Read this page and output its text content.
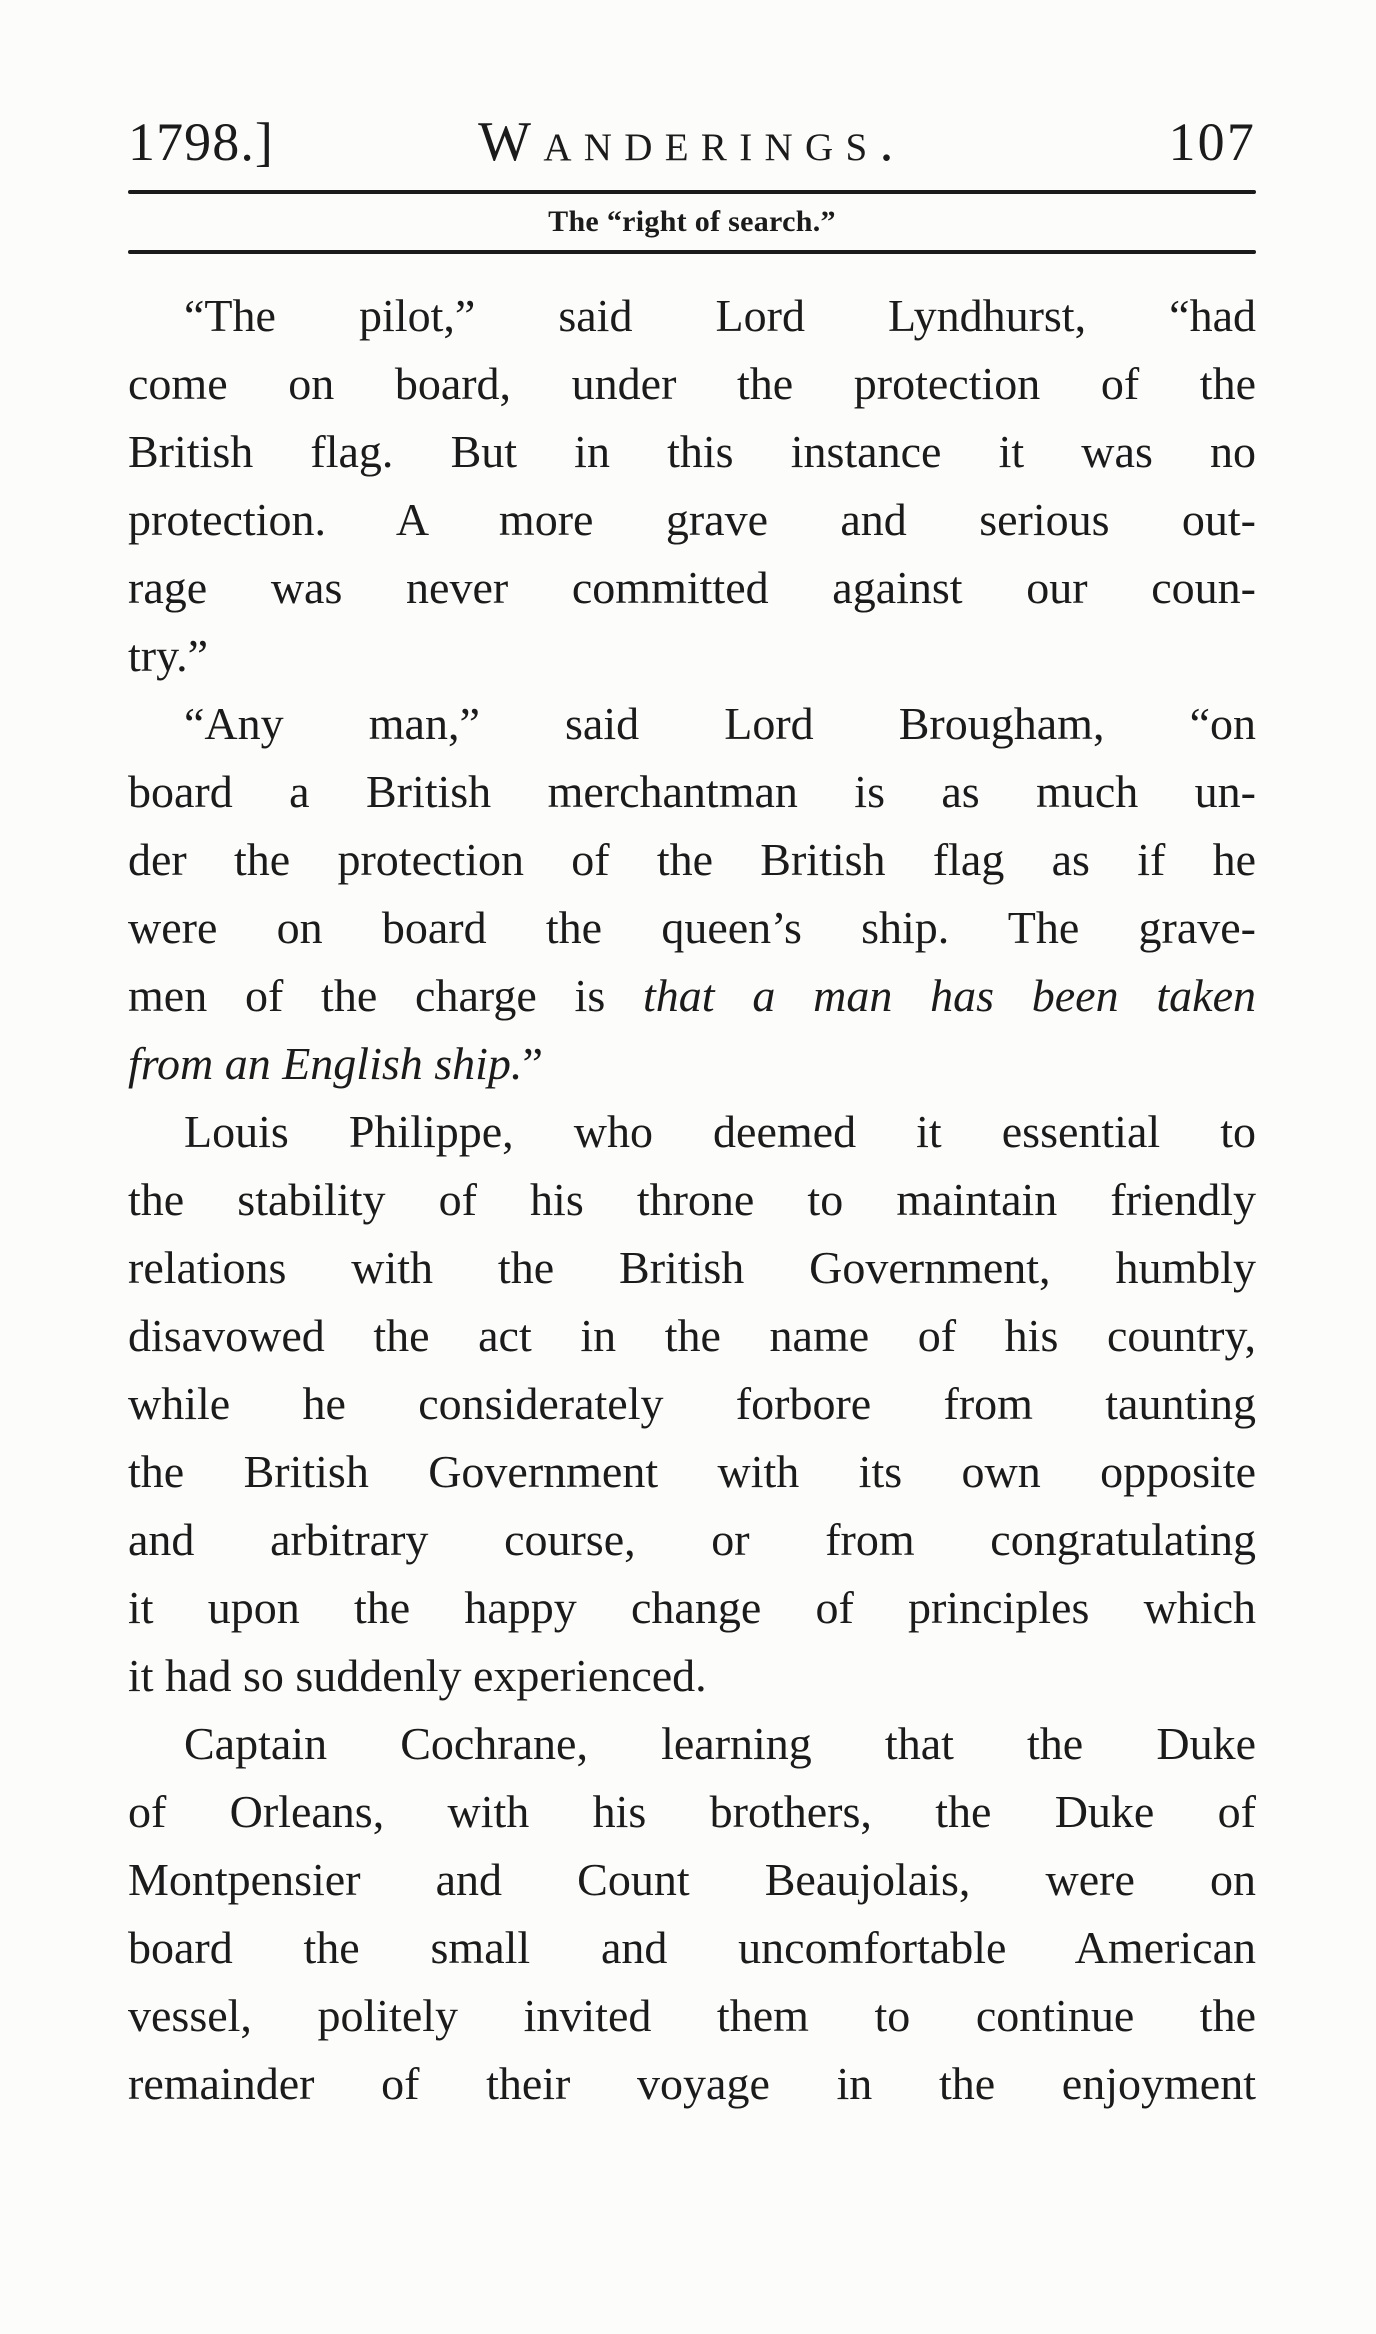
1798.]	Wanderings.	107
The “right of search.”
“The pilot,” said Lord Lyndhurst, “had
come on board, under the protection of the
British flag. But in this instance it was no
protection. A more grave and serious out-
rage was never committed against our coun-
try.”
“Any man,” said Lord Brougham, “on
board a British merchantman is as much un-
der the protection of the British flag as if he
were on board the queen’s ship. The grave-
men of the charge is that a man has been taken
from an English ship.”
Louis Philippe, who deemed it essential to
the stability of his throne to maintain friendly
relations with the British Government, humbly
disavowed the act in the name of his country,
while he considerately forbore from taunting
the British Government with its own opposite
and arbitrary course, or from congratulating
it upon the happy change of principles which
it had so suddenly experienced.
Captain Cochrane, learning that the Duke
of Orleans, with his brothers, the Duke of
Montpensier and Count Beaujolais, were on
board the small and uncomfortable American
vessel, politely invited them to continue the
remainder of their voyage in the enjoyment
